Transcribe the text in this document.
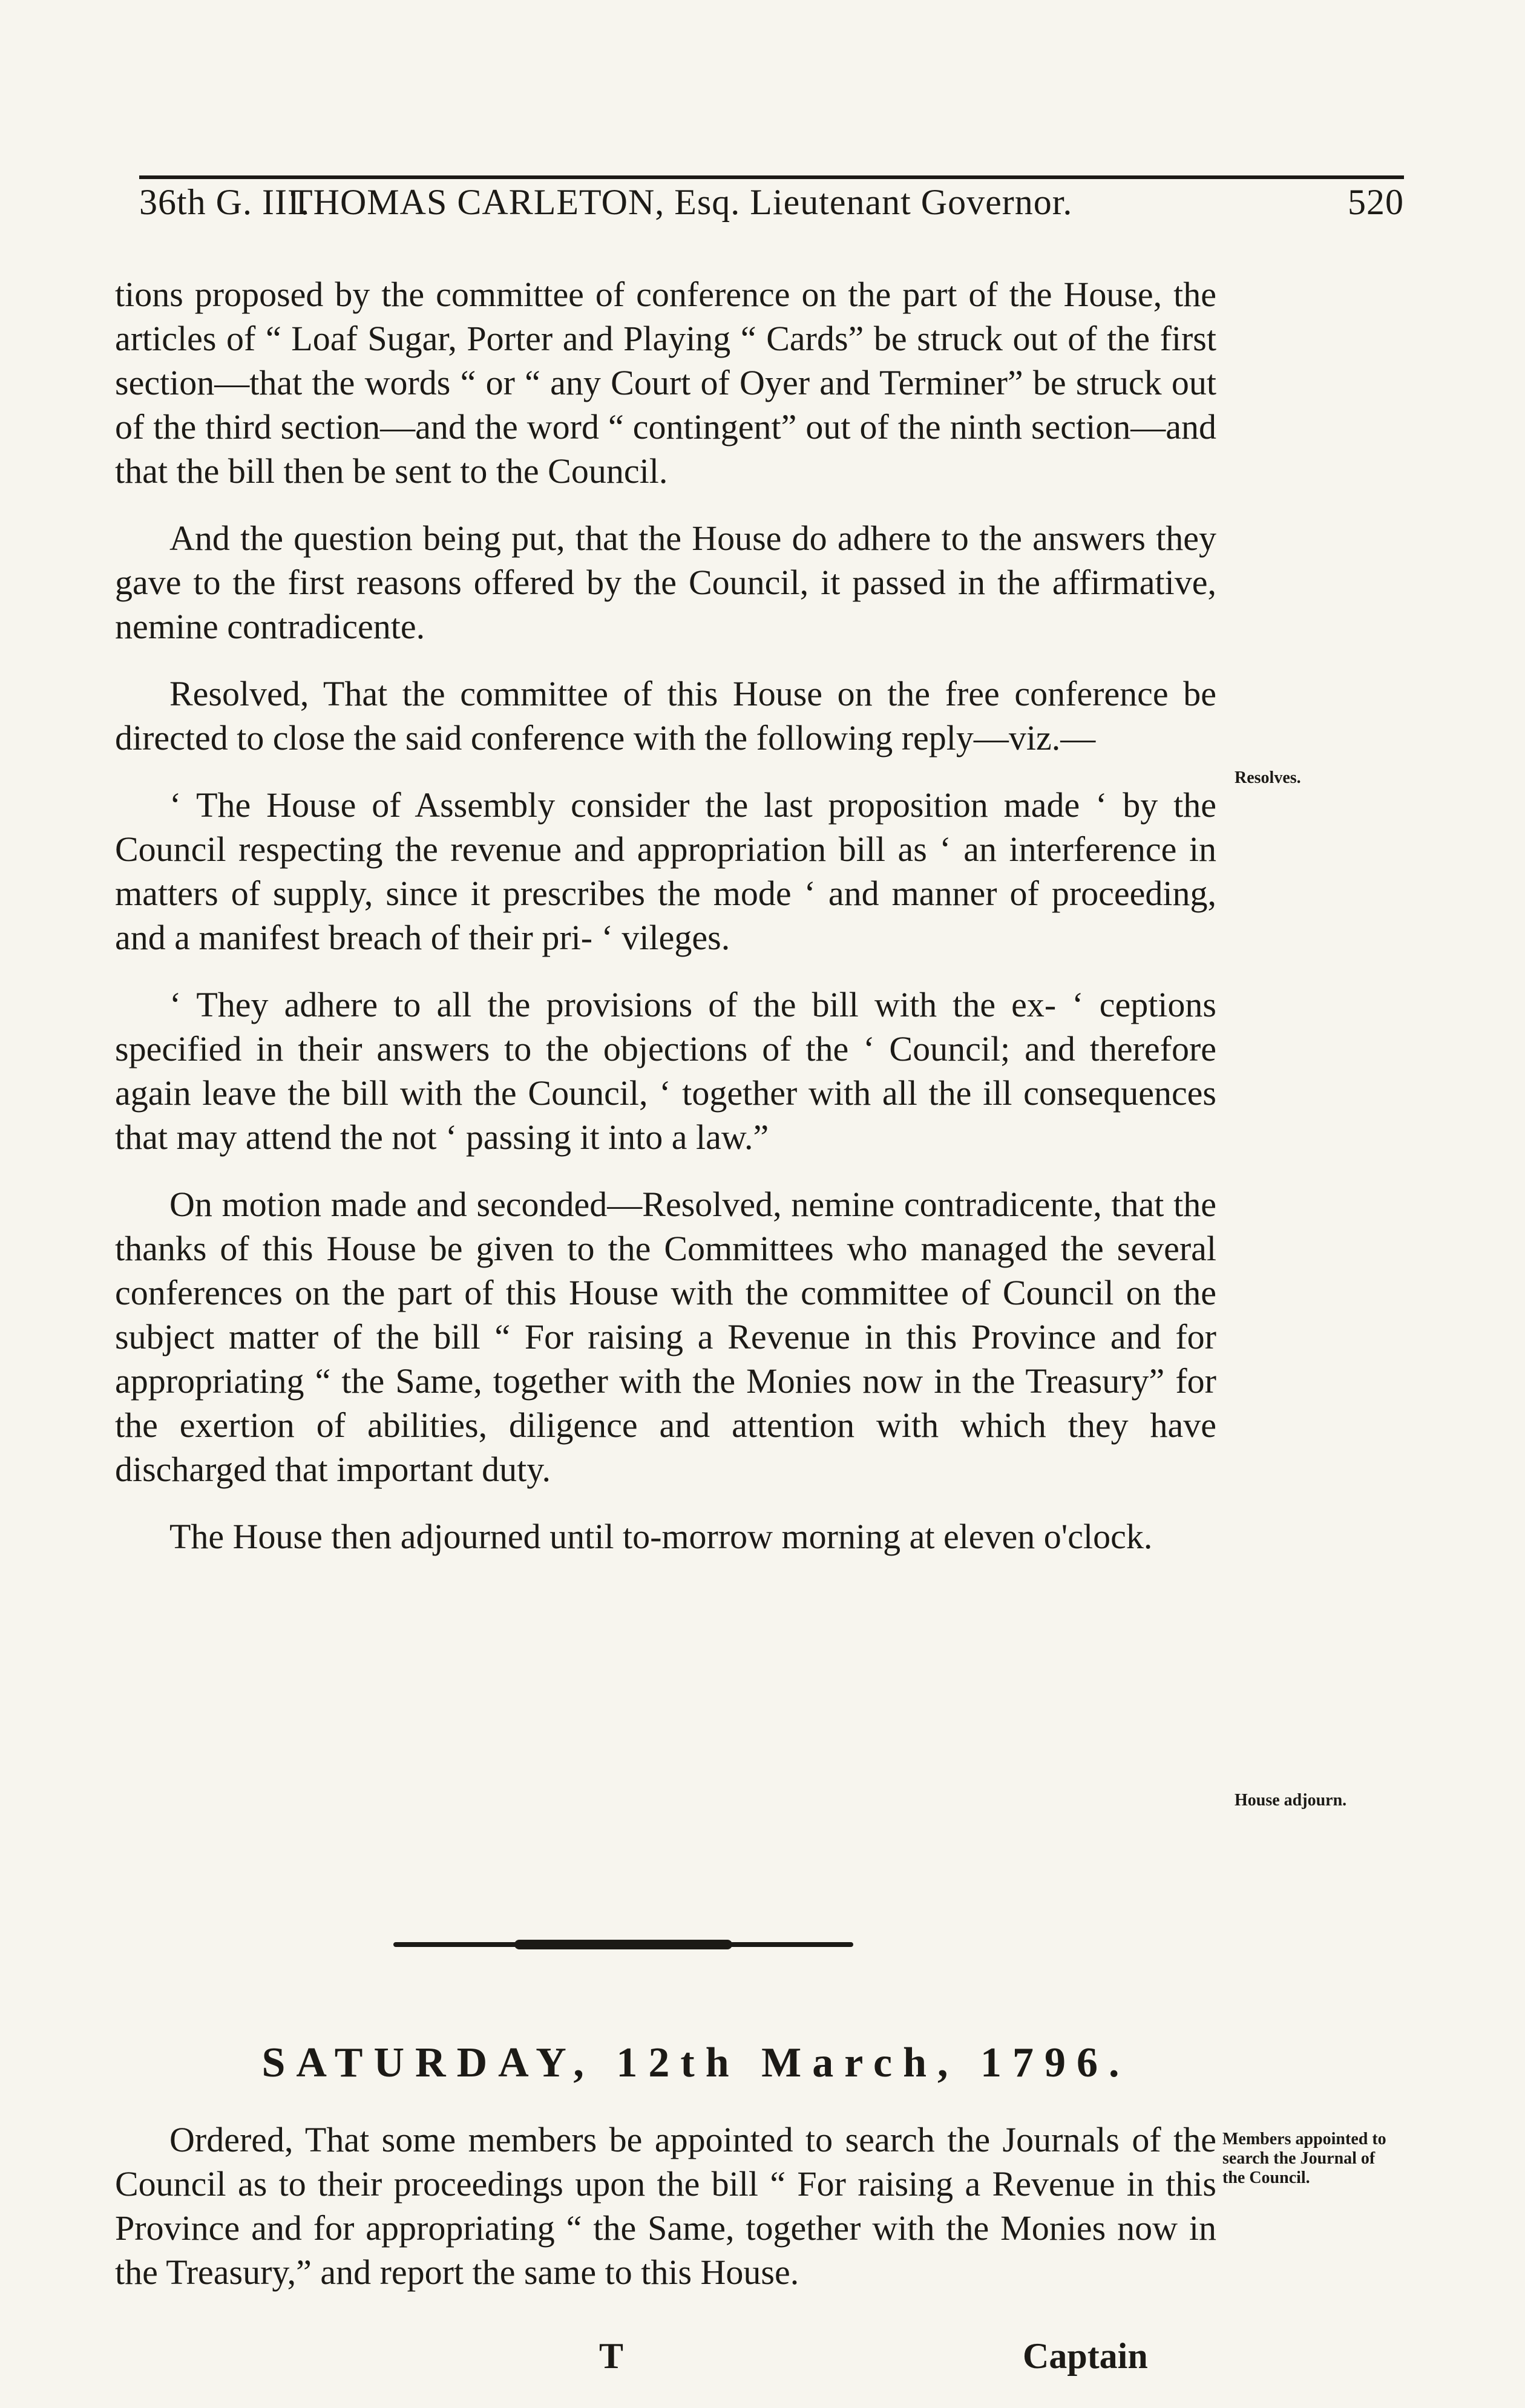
36th G. III.
THOMAS CARLETON, Esq. Lieutenant Governor.	520

tions proposed by the committee of conference on the part of the House, the articles of “ Loaf Sugar, Porter and Playing “ Cards” be struck out of the first section—that the words “ or “ any Court of Oyer and Terminer” be struck out of the third section—and the word “ contingent” out of the ninth section—and that the bill then be sent to the Council.

And the question being put, that the House do adhere to the answers they gave to the first reasons offered by the Council, it passed in the affirmative, nemine contradicente.

Resolved, That the committee of this House on the free conference be directed to close the said conference with the following reply—viz.—

‘ The House of Assembly consider the last proposition made ‘ by the Council respecting the revenue and appropriation bill as ‘ an interference in matters of supply, since it prescribes the mode ‘ and manner of proceeding, and a manifest breach of their pri- ‘ vileges.

‘ They adhere to all the provisions of the bill with the ex- ‘ ceptions specified in their answers to the objections of the ‘ Council; and therefore again leave the bill with the Council, ‘ together with all the ill consequences that may attend the not ‘ passing it into a law.”

On motion made and seconded—Resolved, nemine contradicente, that the thanks of this House be given to the Committees who managed the several conferences on the part of this House with the committee of Council on the subject matter of the bill “ For raising a Revenue in this Province and for appropriating “ the Same, together with the Monies now in the Treasury” for the exertion of abilities, diligence and attention with which they have discharged that important duty.

The House then adjourned until to-morrow morning at eleven o'clock.

Resolves.
House adjourn.
SATURDAY, 12th March, 1796.

Ordered, That some members be appointed to search the Journals of the Council as to their proceedings upon the bill “ For raising a Revenue in this Province and for appropriating “ the Same, together with the Monies now in the Treasury,” and report the same to this House.

Members appointed to search the Journal of the Council.
T	Captain
